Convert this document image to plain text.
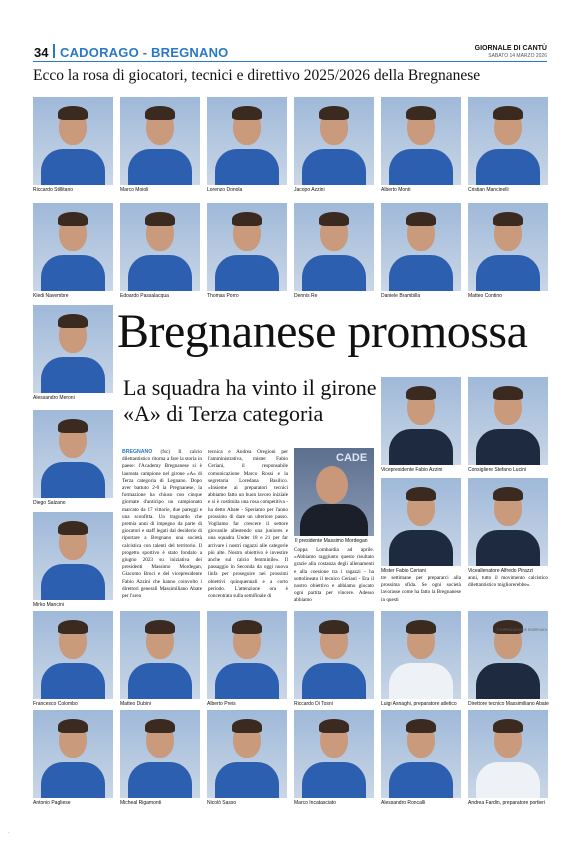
34 CADORAGO - BREGNANO	GIORNALE DI CANTÙ
SABATO 14 MARZO 2026
Ecco la rosa di giocatori, tecnici e direttivo 2025/2026 della Bregnanese
Riccardo Stillitano	Marco Moioli	Lorenzo Donola	Jacopo Azzini	Alberto Monti	Cristian Mancinelli
Kledi Navembre	Edoardo Passalacqua	Thomas Porro	Dennis Re	Daniele Brambilla	Matteo Contino
Alessandro Meroni
Diego Salzano
Mirko Mancini
Vicepresidente Fabio Azzini	Consigliere Stefano Lucini
Mister Fabio Ceriani	Viceallenatore Alfredo Pirazzi
Francesco Colombo	Matteo Dubini	Alberto Preis	Riccardo Di Tosni	Luigi Asnaghi, preparatore atletico	Direttore tecnico Massimiliano Abate
Antonio Pagliese	Micheal Rigamonti	Nicolò Sasso	Marco Incatasciato	Alessandro Roncalli	Andrea Fardin, preparatore portieri
Bregnanese promossa
La squadra ha vinto il girone «A» di Terza categoria
BREGNANO (fsc) Il calcio dilettantistico ritorna a fare la storia in paese: l'Academy Bregnanese si è laureata campione nel girone «A» di Terza categoria di Legnano. Dopo aver battuto 2-0 la Pregnanese, la formazione ha chiuso con cinque giornate d'anticipo un campionato marcato da 17 vittorie, due pareggi e una sconfitta. Un traguardo che premia anni di impegno da parte di giocatori e staff legati dal desiderio di riportare a Bregnano una società calcistica con talenti del territorio. Il progetto sportivo è stato fondato a giugno 2023 su iniziativa dei presidenti Massimo Mordegan, Giacomo Bruci e del vicepresidente Fabio Azzini che hanno coinvolto i direttori generali Massimiliano Abate per l'area
tecnica e Andrea Oregioni per l'amministrativa, mister Fabio Ceriani, il responsabile comunicazione Marco Rossi e la segretaria Loredana Basilico. «Insieme ai preparatori tecnici abbiamo fatto un buon lavoro iniziale e si è costituita una rosa competitiva - ha detto Abate - Speriamo per l'anno prossimo di dare un ulteriore passo. Vogliamo far crescere il settore giovanile allestendo una juniores e una squadra Under 18 e 21 per far arrivare i nostri ragazzi alle categorie più alte. Nostro obiettivo è investire anche sul calcio femminile». Il passaggio in Seconda da oggi nuova linfa per proseguire nei prossimi obiettivi quinquennali e a corto periodo. L'attenzione ora è concentrata sulla semifinale di
Coppa Lombardia ad aprile. «Abbiamo raggiunto questo risultato grazie alla costanza degli allenamenti e alla coesione tra i ragazzi - ha sottolineato il tecnico Ceriani - Era il nostro obiettivo e abbiamo giocato ogni partita per vincere. Adesso abbiamo
tre settimane per prepararci alla prossima sfida. Se ogni società lavorasse come ha fatto la Bregnanese in questi
anni, tutto il movimento calcistico dilettantistico migliorerebbe».
© RIPRODUZIONE RISERVATA
CADE
Il presidente Massimo Mordegan
.
